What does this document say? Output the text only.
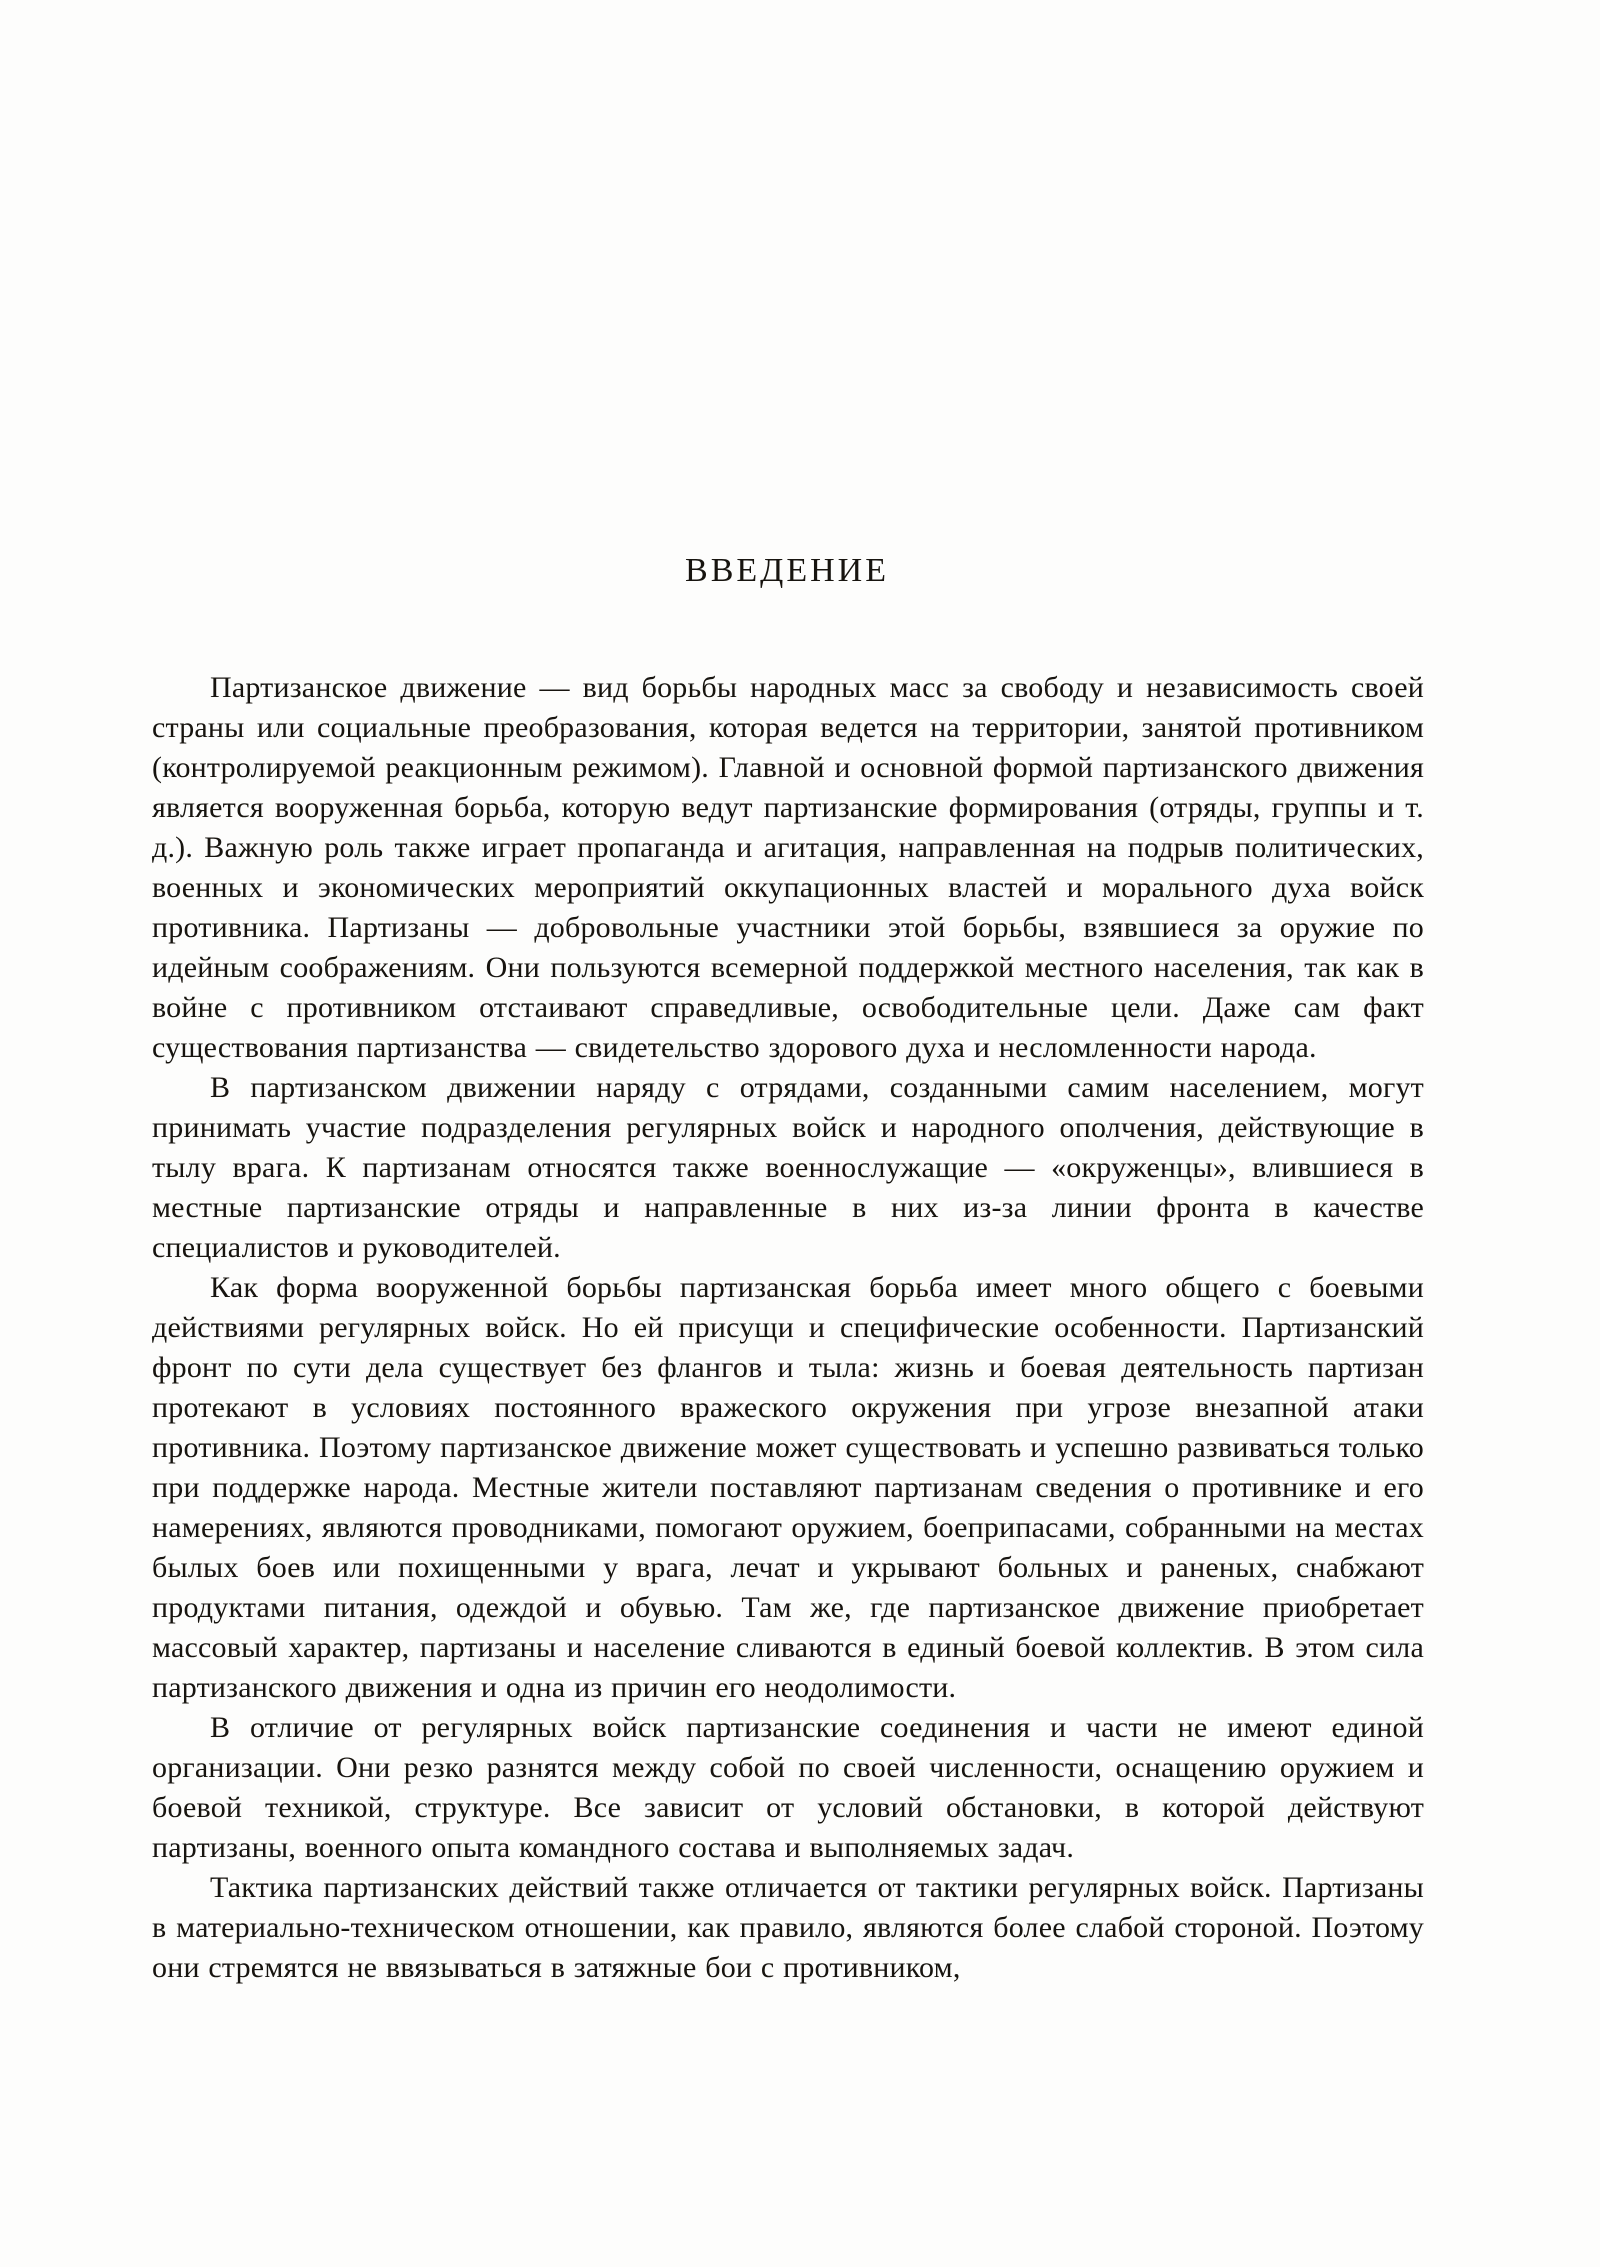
ВВЕДЕНИЕ

Партизанское движение — вид борьбы народных масс за свободу и независимость своей страны или социальные преобразования, которая ведется на территории, занятой противником (контролируемой реакционным режимом). Главной и основной формой партизанского движения является вооруженная борьба, которую ведут партизанские формирования (отряды, группы и т. д.). Важную роль также играет пропаганда и агитация, направленная на подрыв политических, военных и экономических мероприятий оккупационных властей и морального духа войск противника. Партизаны — добровольные участники этой борьбы, взявшиеся за оружие по идейным соображениям. Они пользуются всемерной поддержкой местного населения, так как в войне с противником отстаивают справедливые, освободительные цели. Даже сам факт существования партизанства — свидетельство здорового духа и несломленности народа.

В партизанском движении наряду с отрядами, созданными самим населением, могут принимать участие подразделения регулярных войск и народного ополчения, действующие в тылу врага. К партизанам относятся также военнослужащие — «окруженцы», влившиеся в местные партизанские отряды и направленные в них из-за линии фронта в качестве специалистов и руководителей.

Как форма вооруженной борьбы партизанская борьба имеет много общего с боевыми действиями регулярных войск. Но ей присущи и специфические особенности. Партизанский фронт по сути дела существует без флангов и тыла: жизнь и боевая деятельность партизан протекают в условиях постоянного вражеского окружения при угрозе внезапной атаки противника. Поэтому партизанское движение может существовать и успешно развиваться только при поддержке народа. Местные жители поставляют партизанам сведения о противнике и его намерениях, являются проводниками, помогают оружием, боеприпасами, собранными на местах былых боев или похищенными у врага, лечат и укрывают больных и раненых, снабжают продуктами питания, одеждой и обувью. Там же, где партизанское движение приобретает массовый характер, партизаны и население сливаются в единый боевой коллектив. В этом сила партизанского движения и одна из причин его неодолимости.

В отличие от регулярных войск партизанские соединения и части не имеют единой организации. Они резко разнятся между собой по своей численности, оснащению оружием и боевой техникой, структуре. Все зависит от условий обстановки, в которой действуют партизаны, военного опыта командного состава и выполняемых задач.

Тактика партизанских действий также отличается от тактики регулярных войск. Партизаны в материально-техническом отношении, как правило, являются более слабой стороной. Поэтому они стремятся не ввязываться в затяжные бои с противником,
